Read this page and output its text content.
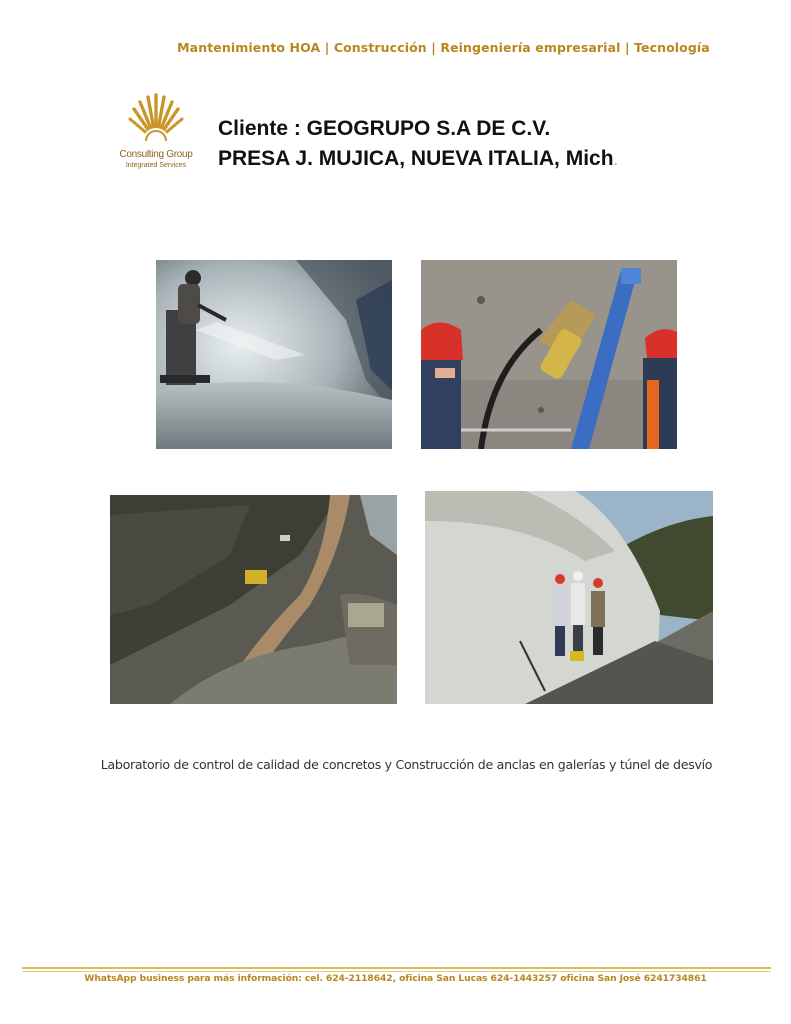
Mantenimiento HOA | Construcción | Reingeniería empresarial | Tecnología
Consulting Group
Integrated Services
Cliente : GEOGRUPO S.A DE C.V.
PRESA J. MUJICA, NUEVA ITALIA, Mich.
Laboratorio de control de calidad de concretos y Construcción de anclas en galerías y túnel de desvío
WhatsApp business para más información: cel. 624-2118642, oficina San Lucas 624-1443257 oficina San José 6241734861
